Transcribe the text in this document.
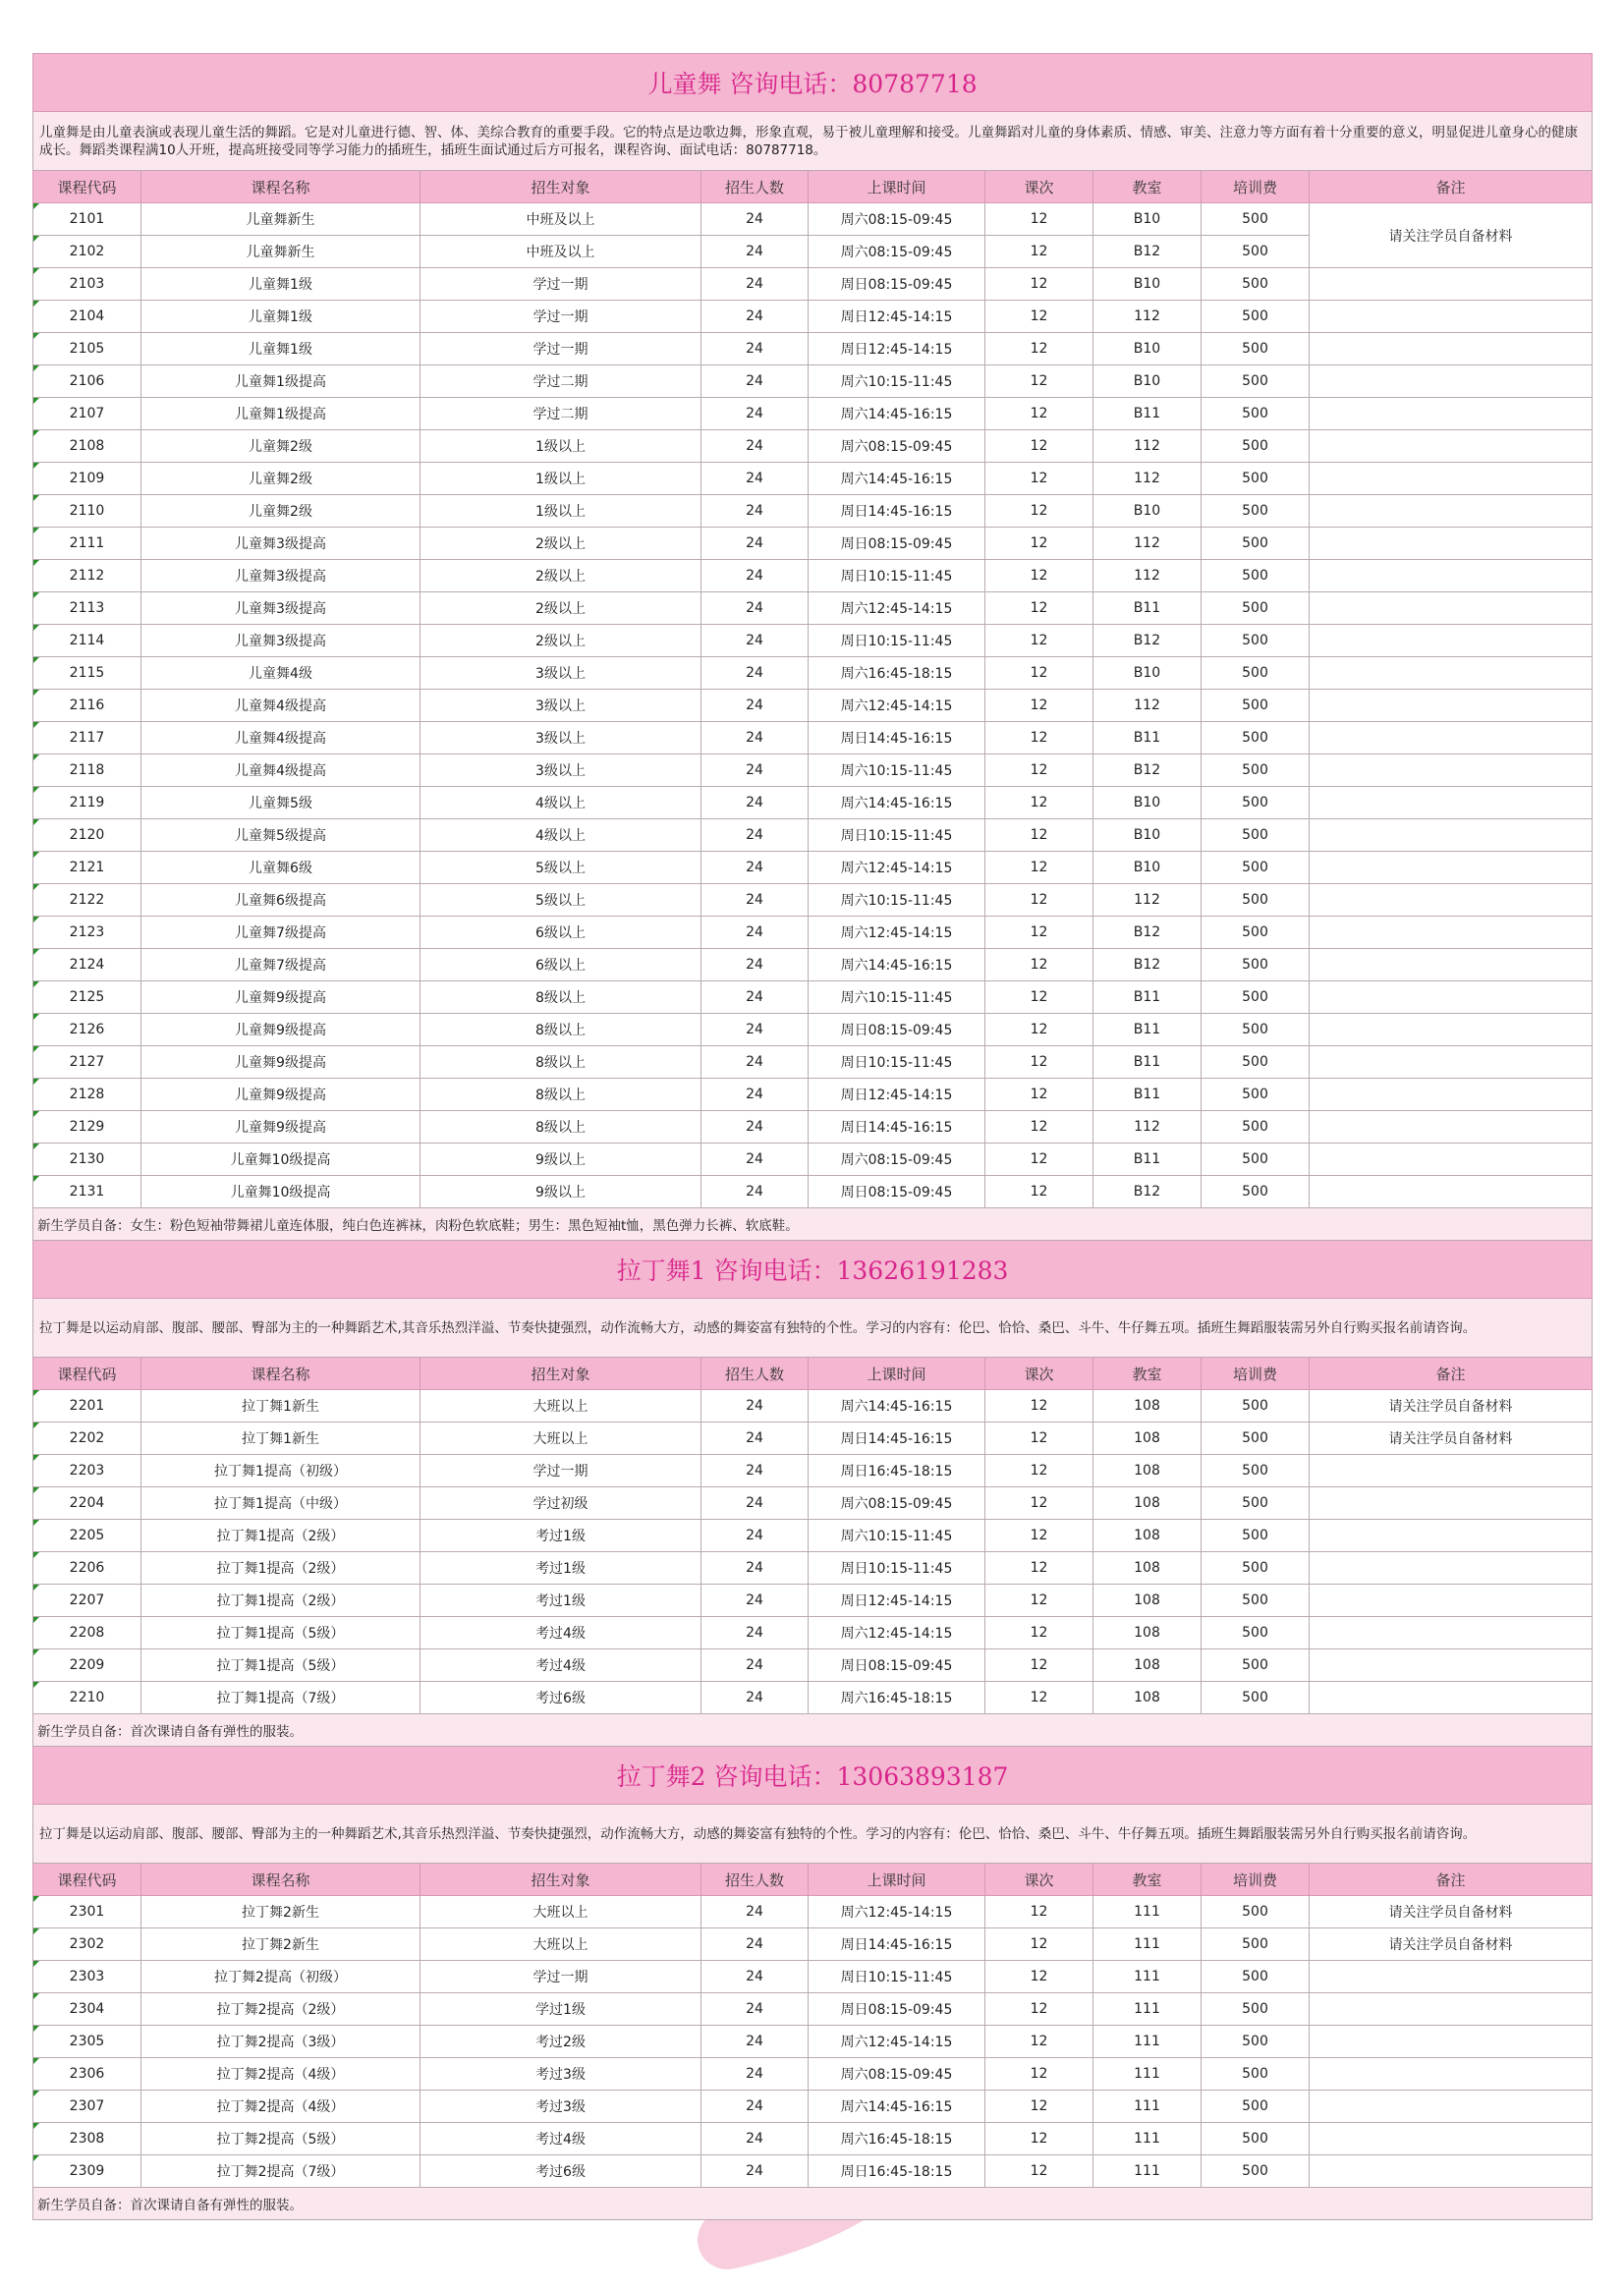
儿童舞 咨询电话：80787718								
儿童舞是由儿童表演或表现儿童生活的舞蹈。它是对儿童进行德、智、体、美综合教育的重要手段。它的特点是边歌边舞，形象直观，易于被儿童理解和接受。儿童舞蹈对儿童的身体素质、情感、审美、注意力等方面有着十分重要的意义，明显促进儿童身心的健康成长。舞蹈类课程满10人开班，提高班接受同等学习能力的插班生，插班生面试通过后方可报名，课程咨询、面试电话：80787718。								
课程代码	课程名称	招生对象	招生人数	上课时间	课次	教室	培训费	备注
2101	儿童舞新生	中班及以上	24	周六08:15-09:45	12	B10	500	请关注学员自备材料
2102	儿童舞新生	中班及以上	24	周六08:15-09:45	12	B12	500	
2103	儿童舞1级	学过一期	24	周日08:15-09:45	12	B10	500	
2104	儿童舞1级	学过一期	24	周日12:45-14:15	12	112	500	
2105	儿童舞1级	学过一期	24	周日12:45-14:15	12	B10	500	
2106	儿童舞1级提高	学过二期	24	周六10:15-11:45	12	B10	500	
2107	儿童舞1级提高	学过二期	24	周六14:45-16:15	12	B11	500	
2108	儿童舞2级	1级以上	24	周六08:15-09:45	12	112	500	
2109	儿童舞2级	1级以上	24	周六14:45-16:15	12	112	500	
2110	儿童舞2级	1级以上	24	周日14:45-16:15	12	B10	500	
2111	儿童舞3级提高	2级以上	24	周日08:15-09:45	12	112	500	
2112	儿童舞3级提高	2级以上	24	周日10:15-11:45	12	112	500	
2113	儿童舞3级提高	2级以上	24	周六12:45-14:15	12	B11	500	
2114	儿童舞3级提高	2级以上	24	周日10:15-11:45	12	B12	500	
2115	儿童舞4级	3级以上	24	周六16:45-18:15	12	B10	500	
2116	儿童舞4级提高	3级以上	24	周六12:45-14:15	12	112	500	
2117	儿童舞4级提高	3级以上	24	周日14:45-16:15	12	B11	500	
2118	儿童舞4级提高	3级以上	24	周六10:15-11:45	12	B12	500	
2119	儿童舞5级	4级以上	24	周六14:45-16:15	12	B10	500	
2120	儿童舞5级提高	4级以上	24	周日10:15-11:45	12	B10	500	
2121	儿童舞6级	5级以上	24	周六12:45-14:15	12	B10	500	
2122	儿童舞6级提高	5级以上	24	周六10:15-11:45	12	112	500	
2123	儿童舞7级提高	6级以上	24	周六12:45-14:15	12	B12	500	
2124	儿童舞7级提高	6级以上	24	周六14:45-16:15	12	B12	500	
2125	儿童舞9级提高	8级以上	24	周六10:15-11:45	12	B11	500	
2126	儿童舞9级提高	8级以上	24	周日08:15-09:45	12	B11	500	
2127	儿童舞9级提高	8级以上	24	周日10:15-11:45	12	B11	500	
2128	儿童舞9级提高	8级以上	24	周日12:45-14:15	12	B11	500	
2129	儿童舞9级提高	8级以上	24	周日14:45-16:15	12	112	500	
2130	儿童舞10级提高	9级以上	24	周六08:15-09:45	12	B11	500	
2131	儿童舞10级提高	9级以上	24	周日08:15-09:45	12	B12	500	
新生学员自备：女生：粉色短袖带舞裙儿童连体服，纯白色连裤袜，肉粉色软底鞋；男生：黑色短袖t恤，黑色弹力长裤、软底鞋。								
拉丁舞1 咨询电话：13626191283								
拉丁舞是以运动肩部、腹部、腰部、臀部为主的一种舞蹈艺术,其音乐热烈洋溢、节奏快捷强烈，动作流畅大方，动感的舞姿富有独特的个性。学习的内容有：伦巴、恰恰、桑巴、斗牛、牛仔舞五项。插班生舞蹈服装需另外自行购买报名前请咨询。								
课程代码	课程名称	招生对象	招生人数	上课时间	课次	教室	培训费	备注
2201	拉丁舞1新生	大班以上	24	周六14:45-16:15	12	108	500	请关注学员自备材料
2202	拉丁舞1新生	大班以上	24	周日14:45-16:15	12	108	500	请关注学员自备材料
2203	拉丁舞1提高（初级）	学过一期	24	周日16:45-18:15	12	108	500	
2204	拉丁舞1提高（中级）	学过初级	24	周六08:15-09:45	12	108	500	
2205	拉丁舞1提高（2级）	考过1级	24	周六10:15-11:45	12	108	500	
2206	拉丁舞1提高（2级）	考过1级	24	周日10:15-11:45	12	108	500	
2207	拉丁舞1提高（2级）	考过1级	24	周日12:45-14:15	12	108	500	
2208	拉丁舞1提高（5级）	考过4级	24	周六12:45-14:15	12	108	500	
2209	拉丁舞1提高（5级）	考过4级	24	周日08:15-09:45	12	108	500	
2210	拉丁舞1提高（7级）	考过6级	24	周六16:45-18:15	12	108	500	
新生学员自备：首次课请自备有弹性的服装。								
拉丁舞2 咨询电话：13063893187								
拉丁舞是以运动肩部、腹部、腰部、臀部为主的一种舞蹈艺术,其音乐热烈洋溢、节奏快捷强烈，动作流畅大方，动感的舞姿富有独特的个性。学习的内容有：伦巴、恰恰、桑巴、斗牛、牛仔舞五项。插班生舞蹈服装需另外自行购买报名前请咨询。								
课程代码	课程名称	招生对象	招生人数	上课时间	课次	教室	培训费	备注
2301	拉丁舞2新生	大班以上	24	周六12:45-14:15	12	111	500	请关注学员自备材料
2302	拉丁舞2新生	大班以上	24	周日14:45-16:15	12	111	500	请关注学员自备材料
2303	拉丁舞2提高（初级）	学过一期	24	周日10:15-11:45	12	111	500	
2304	拉丁舞2提高（2级）	学过1级	24	周日08:15-09:45	12	111	500	
2305	拉丁舞2提高（3级）	考过2级	24	周六12:45-14:15	12	111	500	
2306	拉丁舞2提高（4级）	考过3级	24	周六08:15-09:45	12	111	500	
2307	拉丁舞2提高（4级）	考过3级	24	周六14:45-16:15	12	111	500	
2308	拉丁舞2提高（5级）	考过4级	24	周六16:45-18:15	12	111	500	
2309	拉丁舞2提高（7级）	考过6级	24	周日16:45-18:15	12	111	500	
新生学员自备：首次课请自备有弹性的服装。								
